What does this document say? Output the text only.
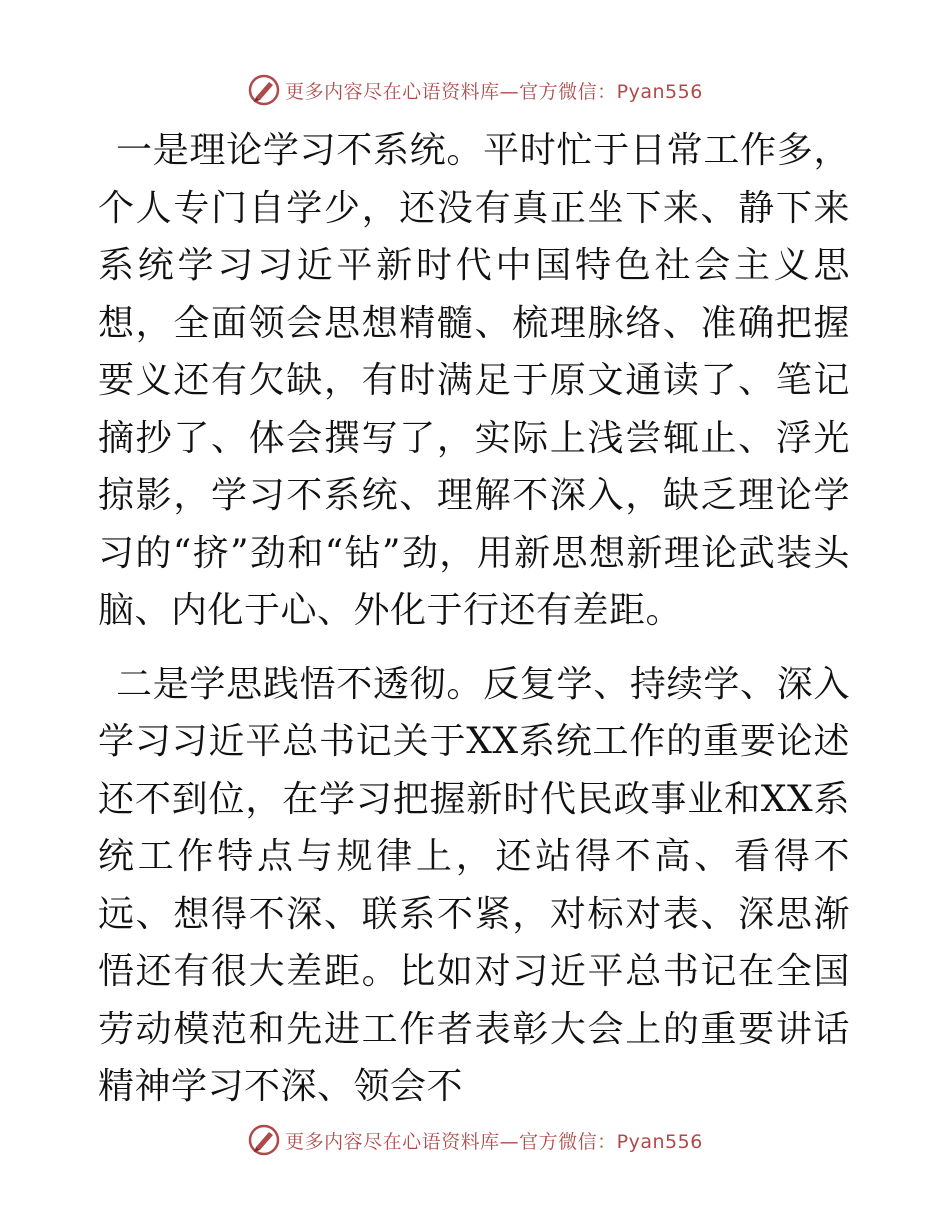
更多内容尽在心语资料库—官方微信：Pyan556

一是理论学习不系统。平时忙于日常工作多，个人专门自学少，还没有真正坐下来、静下来系统学习习近平新时代中国特色社会主义思想，全面领会思想精髓、梳理脉络、准确把握要义还有欠缺，有时满足于原文通读了、笔记摘抄了、体会撰写了，实际上浅尝辄止、浮光掠影，学习不系统、理解不深入，缺乏理论学习的“挤”劲和“钻”劲，用新思想新理论武装头脑、内化于心、外化于行还有差距。

二是学思践悟不透彻。反复学、持续学、深入学习习近平总书记关于XX系统工作的重要论述还不到位，在学习把握新时代民政事业和XX系统工作特点与规律上，还站得不高、看得不远、想得不深、联系不紧，对标对表、深思渐悟还有很大差距。比如对习近平总书记在全国劳动模范和先进工作者表彰大会上的重要讲话精神学习不深、领会不

更多内容尽在心语资料库—官方微信：Pyan556
